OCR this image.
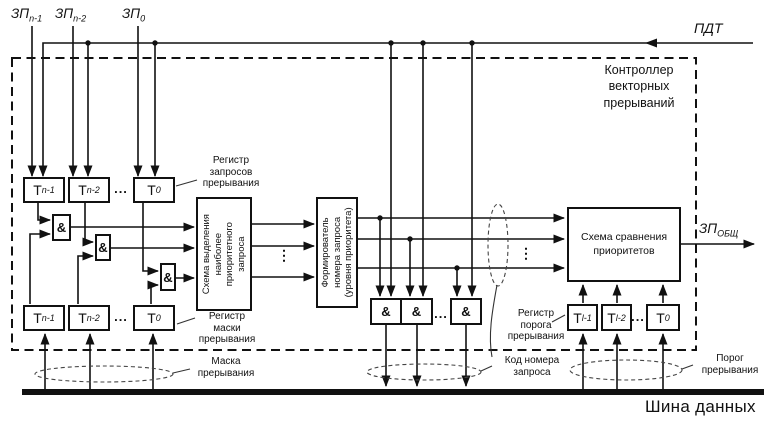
$ЗП_{n-1}$ $ЗП_{n-2}$	$ЗП_0$
ПДТ
$ЗП_{ОБЩ}$
Контроллер
векторных
прерываний
Т n-1 Т n-2	Т 0
...
Т n-1 Т n-2	Т 0
...	Т l-1 Т l-2 Т 0
...
&
&
&
& &	&
...
Схема выделения наиболее приоритетного запроса	Формирователь номера запроса (уровня приоритета)	Схема сравнения
приоритетов
⋮	⋮
Регистр
запросов
прерывания
Регистр
маски
прерывания
Регистр
порога
прерывания
Маска
прерывания
Код номера
запроса
Порог
прерывания
Шина данных
